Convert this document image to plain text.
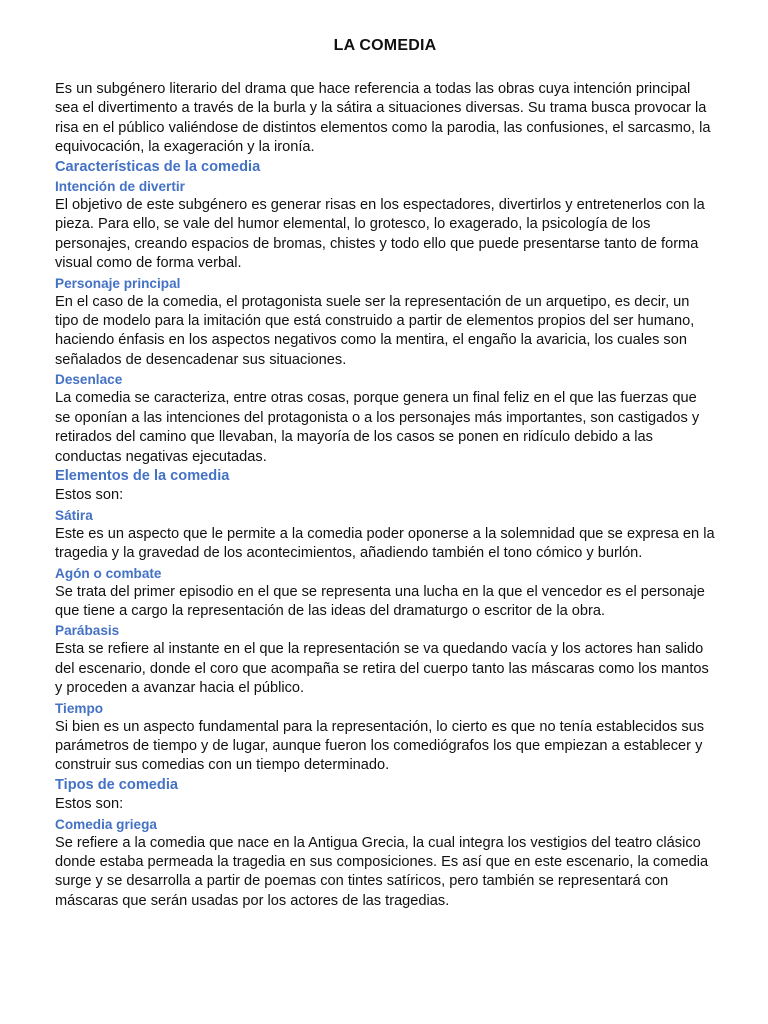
LA COMEDIA

Es un subgénero literario del drama que hace referencia a todas las obras cuya intención principal sea el divertimento a través de la burla y la sátira a situaciones diversas. Su trama busca provocar la risa en el público valiéndose de distintos elementos como la parodia, las confusiones, el sarcasmo, la equivocación, la exageración y la ironía.

Características de la comedia
Intención de divertir

El objetivo de este subgénero es generar risas en los espectadores, divertirlos y entretenerlos con la pieza. Para ello, se vale del humor elemental, lo grotesco, lo exagerado, la psicología de los personajes, creando espacios de bromas, chistes y todo ello que puede presentarse tanto de forma visual como de forma verbal.

Personaje principal

En el caso de la comedia, el protagonista suele ser la representación de un arquetipo, es decir, un tipo de modelo para la imitación que está construido a partir de elementos propios del ser humano, haciendo énfasis en los aspectos negativos como la mentira, el engaño la avaricia, los cuales son señalados de desencadenar sus situaciones.

Desenlace

La comedia se caracteriza, entre otras cosas, porque genera un final feliz en el que las fuerzas que se oponían a las intenciones del protagonista o a los personajes más importantes, son castigados y retirados del camino que llevaban, la mayoría de los casos se ponen en ridículo debido a las conductas negativas ejecutadas.

Elementos de la comedia

Estos son:

Sátira

Este es un aspecto que le permite a la comedia poder oponerse a la solemnidad que se expresa en la tragedia y la gravedad de los acontecimientos, añadiendo también el tono cómico y burlón.

Agón o combate

Se trata del primer episodio en el que se representa una lucha en la que el vencedor es el personaje que tiene a cargo la representación de las ideas del dramaturgo o escritor de la obra.

Parábasis

Esta se refiere al instante en el que la representación se va quedando vacía y los actores han salido del escenario, donde el coro que acompaña se retira del cuerpo tanto las máscaras como los mantos y proceden a avanzar hacia el público.

Tiempo

Si bien es un aspecto fundamental para la representación, lo cierto es que no tenía establecidos sus parámetros de tiempo y de lugar, aunque fueron los comediógrafos los que empiezan a establecer y construir sus comedias con un tiempo determinado.

Tipos de comedia

Estos son:

Comedia griega

Se refiere a la comedia que nace en la Antigua Grecia, la cual integra los vestigios del teatro clásico donde estaba permeada la tragedia en sus composiciones. Es así que en este escenario, la comedia surge y se desarrolla a partir de poemas con tintes satíricos, pero también se representará con máscaras que serán usadas por los actores de las tragedias.
